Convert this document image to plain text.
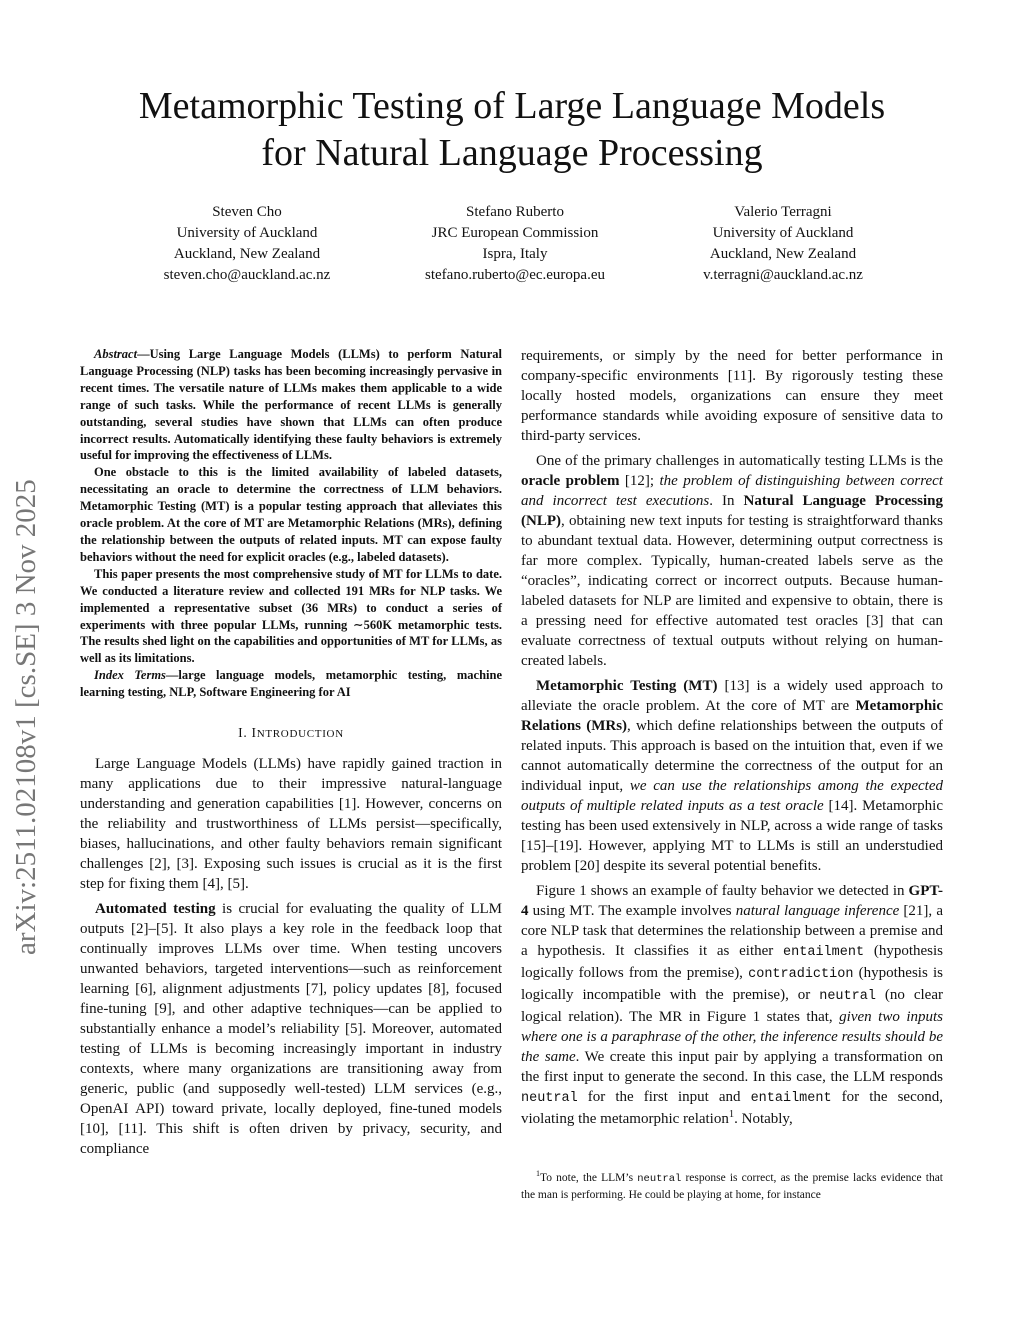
Metamorphic Testing of Large Language Models
for Natural Language Processing
Steven Cho
University of Auckland
Auckland, New Zealand
steven.cho@auckland.ac.nz
Stefano Ruberto
JRC European Commission
Ispra, Italy
stefano.ruberto@ec.europa.eu
Valerio Terragni
University of Auckland
Auckland, New Zealand
v.terragni@auckland.ac.nz
arXiv:2511.02108v1 [cs.SE] 3 Nov 2025

Abstract—Using Large Language Models (LLMs) to perform Natural Language Processing (NLP) tasks has been becoming increasingly pervasive in recent times. The versatile nature of LLMs makes them applicable to a wide range of such tasks. While the performance of recent LLMs is generally outstanding, several studies have shown that LLMs can often produce incorrect results. Automatically identifying these faulty behaviors is extremely useful for improving the effectiveness of LLMs.

One obstacle to this is the limited availability of labeled datasets, necessitating an oracle to determine the correctness of LLM behaviors. Metamorphic Testing (MT) is a popular testing approach that alleviates this oracle problem. At the core of MT are Metamorphic Relations (MRs), defining the relationship between the outputs of related inputs. MT can expose faulty behaviors without the need for explicit oracles (e.g., labeled datasets).

This paper presents the most comprehensive study of MT for LLMs to date. We conducted a literature review and collected 191 MRs for NLP tasks. We implemented a representative subset (36 MRs) to conduct a series of experiments with three popular LLMs, running ∼560K metamorphic tests. The results shed light on the capabilities and opportunities of MT for LLMs, as well as its limitations.

Index Terms—large language models, metamorphic testing, machine learning testing, NLP, Software Engineering for AI

I. INTRODUCTION

Large Language Models (LLMs) have rapidly gained traction in many applications due to their impressive natural-language understanding and generation capabilities [1]. However, concerns on the reliability and trustworthiness of LLMs persist—specifically, biases, hallucinations, and other faulty behaviors remain significant challenges [2], [3]. Exposing such issues is crucial as it is the first step for fixing them [4], [5].

Automated testing is crucial for evaluating the quality of LLM outputs [2]–[5]. It also plays a key role in the feedback loop that continually improves LLMs over time. When testing uncovers unwanted behaviors, targeted interventions—such as reinforcement learning [6], alignment adjustments [7], policy updates [8], focused fine-tuning [9], and other adaptive techniques—can be applied to substantially enhance a model’s reliability [5]. Moreover, automated testing of LLMs is becoming increasingly important in industry contexts, where many organizations are transitioning away from generic, public (and supposedly well-tested) LLM services (e.g., OpenAI API) toward private, locally deployed, fine-tuned models [10], [11]. This shift is often driven by privacy, security, and compliance

requirements, or simply by the need for better performance in company-specific environments [11]. By rigorously testing these locally hosted models, organizations can ensure they meet performance standards while avoiding exposure of sensitive data to third-party services.

One of the primary challenges in automatically testing LLMs is the oracle problem [12]; the problem of distinguishing between correct and incorrect test executions. In Natural Language Processing (NLP), obtaining new text inputs for testing is straightforward thanks to abundant textual data. However, determining output correctness is far more complex. Typically, human-created labels serve as the “oracles”, indicating correct or incorrect outputs. Because human-labeled datasets for NLP are limited and expensive to obtain, there is a pressing need for effective automated test oracles [3] that can evaluate correctness of textual outputs without relying on human-created labels.

Metamorphic Testing (MT) [13] is a widely used approach to alleviate the oracle problem. At the core of MT are Metamorphic Relations (MRs), which define relationships between the outputs of related inputs. This approach is based on the intuition that, even if we cannot automatically determine the correctness of the output for an individual input, we can use the relationships among the expected outputs of multiple related inputs as a test oracle [14]. Metamorphic testing has been used extensively in NLP, across a wide range of tasks [15]–[19]. However, applying MT to LLMs is still an understudied problem [20] despite its several potential benefits.

Figure 1 shows an example of faulty behavior we detected in GPT-4 using MT. The example involves natural language inference [21], a core NLP task that determines the relationship between a premise and a hypothesis. It classifies it as either entailment (hypothesis logically follows from the premise), contradiction (hypothesis is logically incompatible with the premise), or neutral (no clear logical relation). The MR in Figure 1 states that, given two inputs where one is a paraphrase of the other, the inference results should be the same. We create this input pair by applying a transformation on the first input to generate the second. In this case, the LLM responds neutral for the first input and entailment for the second, violating the metamorphic relation$^1$. Notably,

$^1$To note, the LLM’s neutral response is correct, as the premise lacks evidence that the man is performing. He could be playing at home, for instance
